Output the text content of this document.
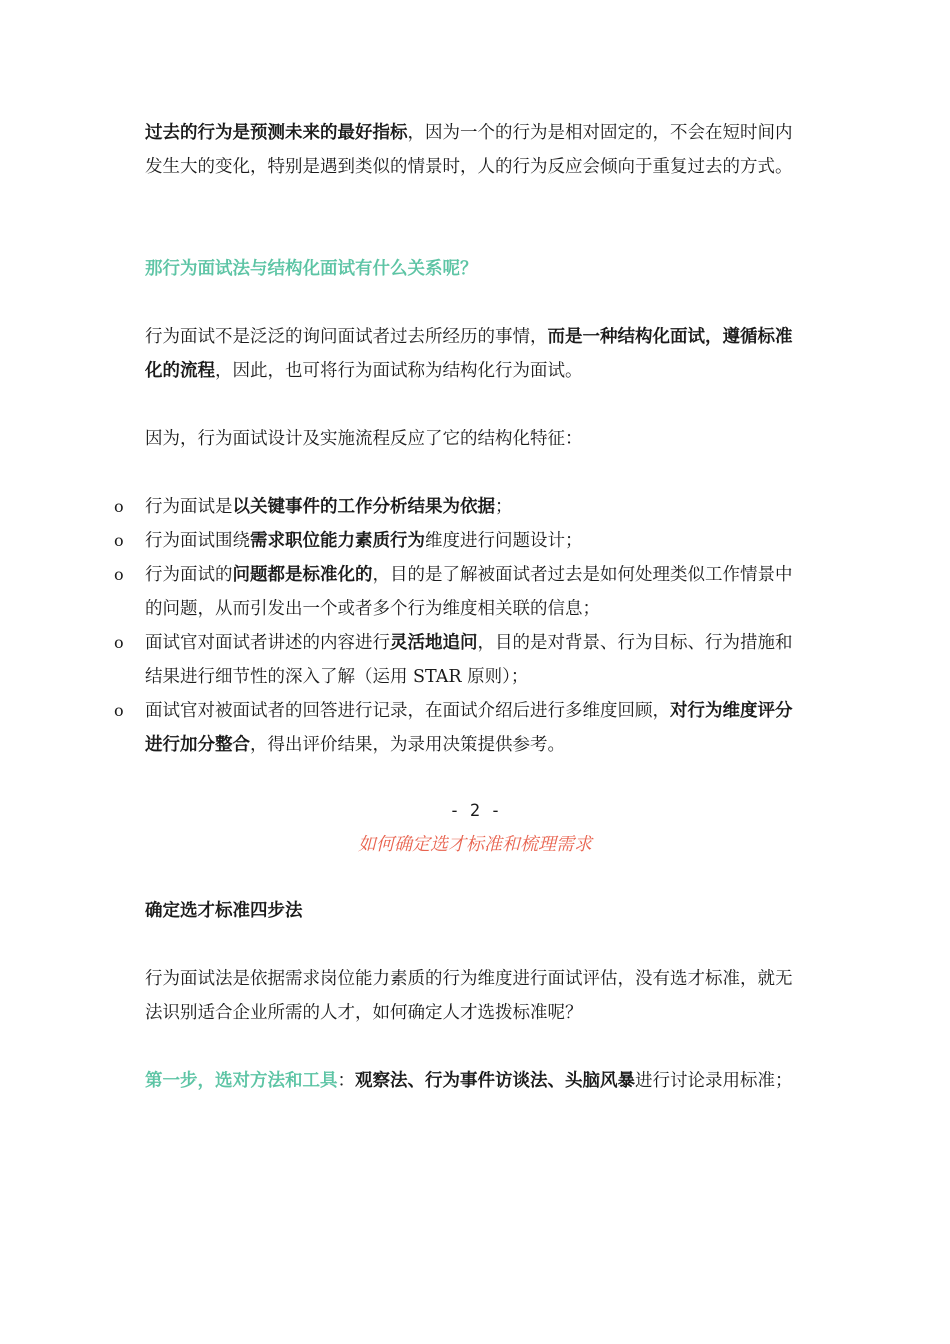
过去的行为是预测未来的最好指标，因为一个的行为是相对固定的，不会在短时间内发生大的变化，特别是遇到类似的情景时，人的行为反应会倾向于重复过去的方式。

那行为面试法与结构化面试有什么关系呢？

行为面试不是泛泛的询问面试者过去所经历的事情，而是一种结构化面试，遵循标准化的流程，因此，也可将行为面试称为结构化行为面试。

因为，行为面试设计及实施流程反应了它的结构化特征：

o 行为面试是以关键事件的工作分析结果为依据；

o 行为面试围绕需求职位能力素质行为维度进行问题设计；

o 行为面试的问题都是标准化的，目的是了解被面试者过去是如何处理类似工作情景中的问题，从而引发出一个或者多个行为维度相关联的信息；

o 面试官对面试者讲述的内容进行灵活地追问，目的是对背景、行为目标、行为措施和结果进行细节性的深入了解（运用 STAR 原则）；

o 面试官对被面试者的回答进行记录，在面试介绍后进行多维度回顾，对行为维度评分进行加分整合，得出评价结果，为录用决策提供参考。

- 2 -

如何确定选才标准和梳理需求

确定选才标准四步法

行为面试法是依据需求岗位能力素质的行为维度进行面试评估，没有选才标准，就无法识别适合企业所需的人才，如何确定人才选拨标准呢？

第一步，选对方法和工具：观察法、行为事件访谈法、头脑风暴进行讨论录用标准；
